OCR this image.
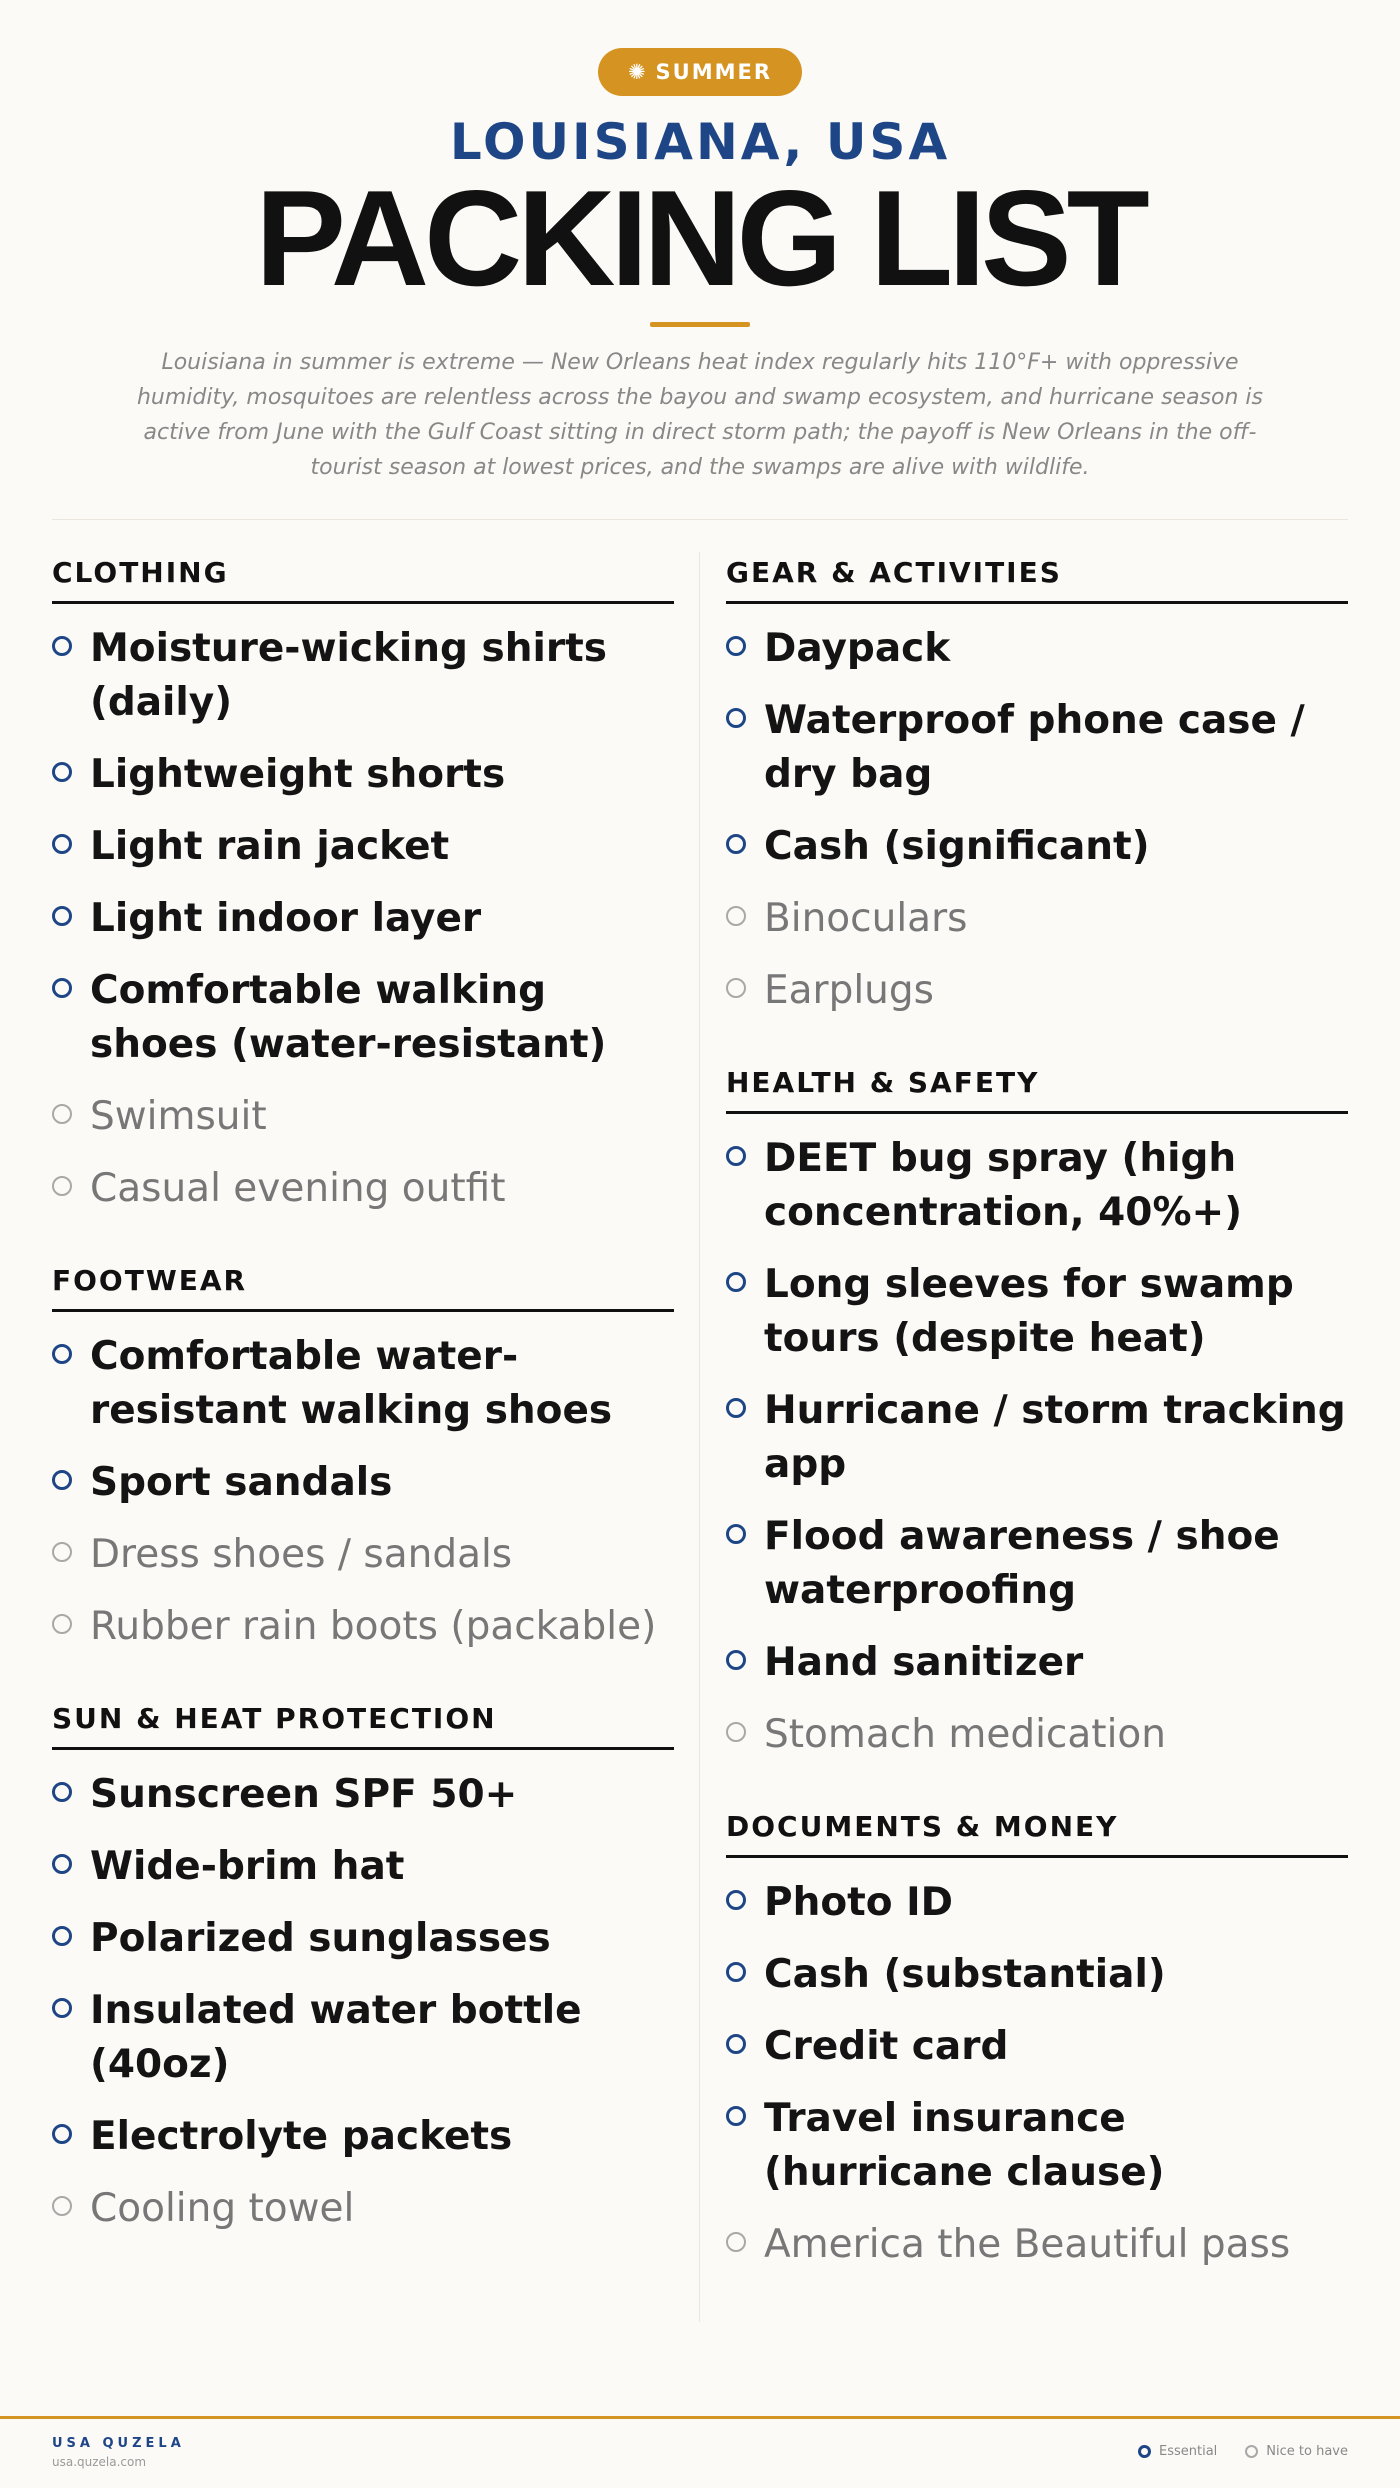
✺ SUMMER
LOUISIANA, USA
PACKING LIST
Louisiana in summer is extreme — New Orleans heat index regularly hits 110°F+ with oppressive humidity, mosquitoes are relentless across the bayou and swamp ecosystem, and hurricane season is active from June with the Gulf Coast sitting in direct storm path; the payoff is New Orleans in the off-tourist season at lowest prices, and the swamps are alive with wildlife.
CLOTHING
Moisture-wicking shirts (daily)
Lightweight shorts
Light rain jacket
Light indoor layer
Comfortable walking shoes (water-resistant)
Swimsuit
Casual evening outfit
FOOTWEAR
Comfortable water-resistant walking shoes
Sport sandals
Dress shoes / sandals
Rubber rain boots (packable)
SUN & HEAT PROTECTION
Sunscreen SPF 50+
Wide-brim hat
Polarized sunglasses
Insulated water bottle (40oz)
Electrolyte packets
Cooling towel
GEAR & ACTIVITIES
Daypack
Waterproof phone case / dry bag
Cash (significant)
Binoculars
Earplugs
HEALTH & SAFETY
DEET bug spray (high concentration, 40%+)
Long sleeves for swamp tours (despite heat)
Hurricane / storm tracking app
Flood awareness / shoe waterproofing
Hand sanitizer
Stomach medication
DOCUMENTS & MONEY
Photo ID
Cash (substantial)
Credit card
Travel insurance (hurricane clause)
America the Beautiful pass
USA QUZELA
usa.quzela.com
Essential	Nice to have
